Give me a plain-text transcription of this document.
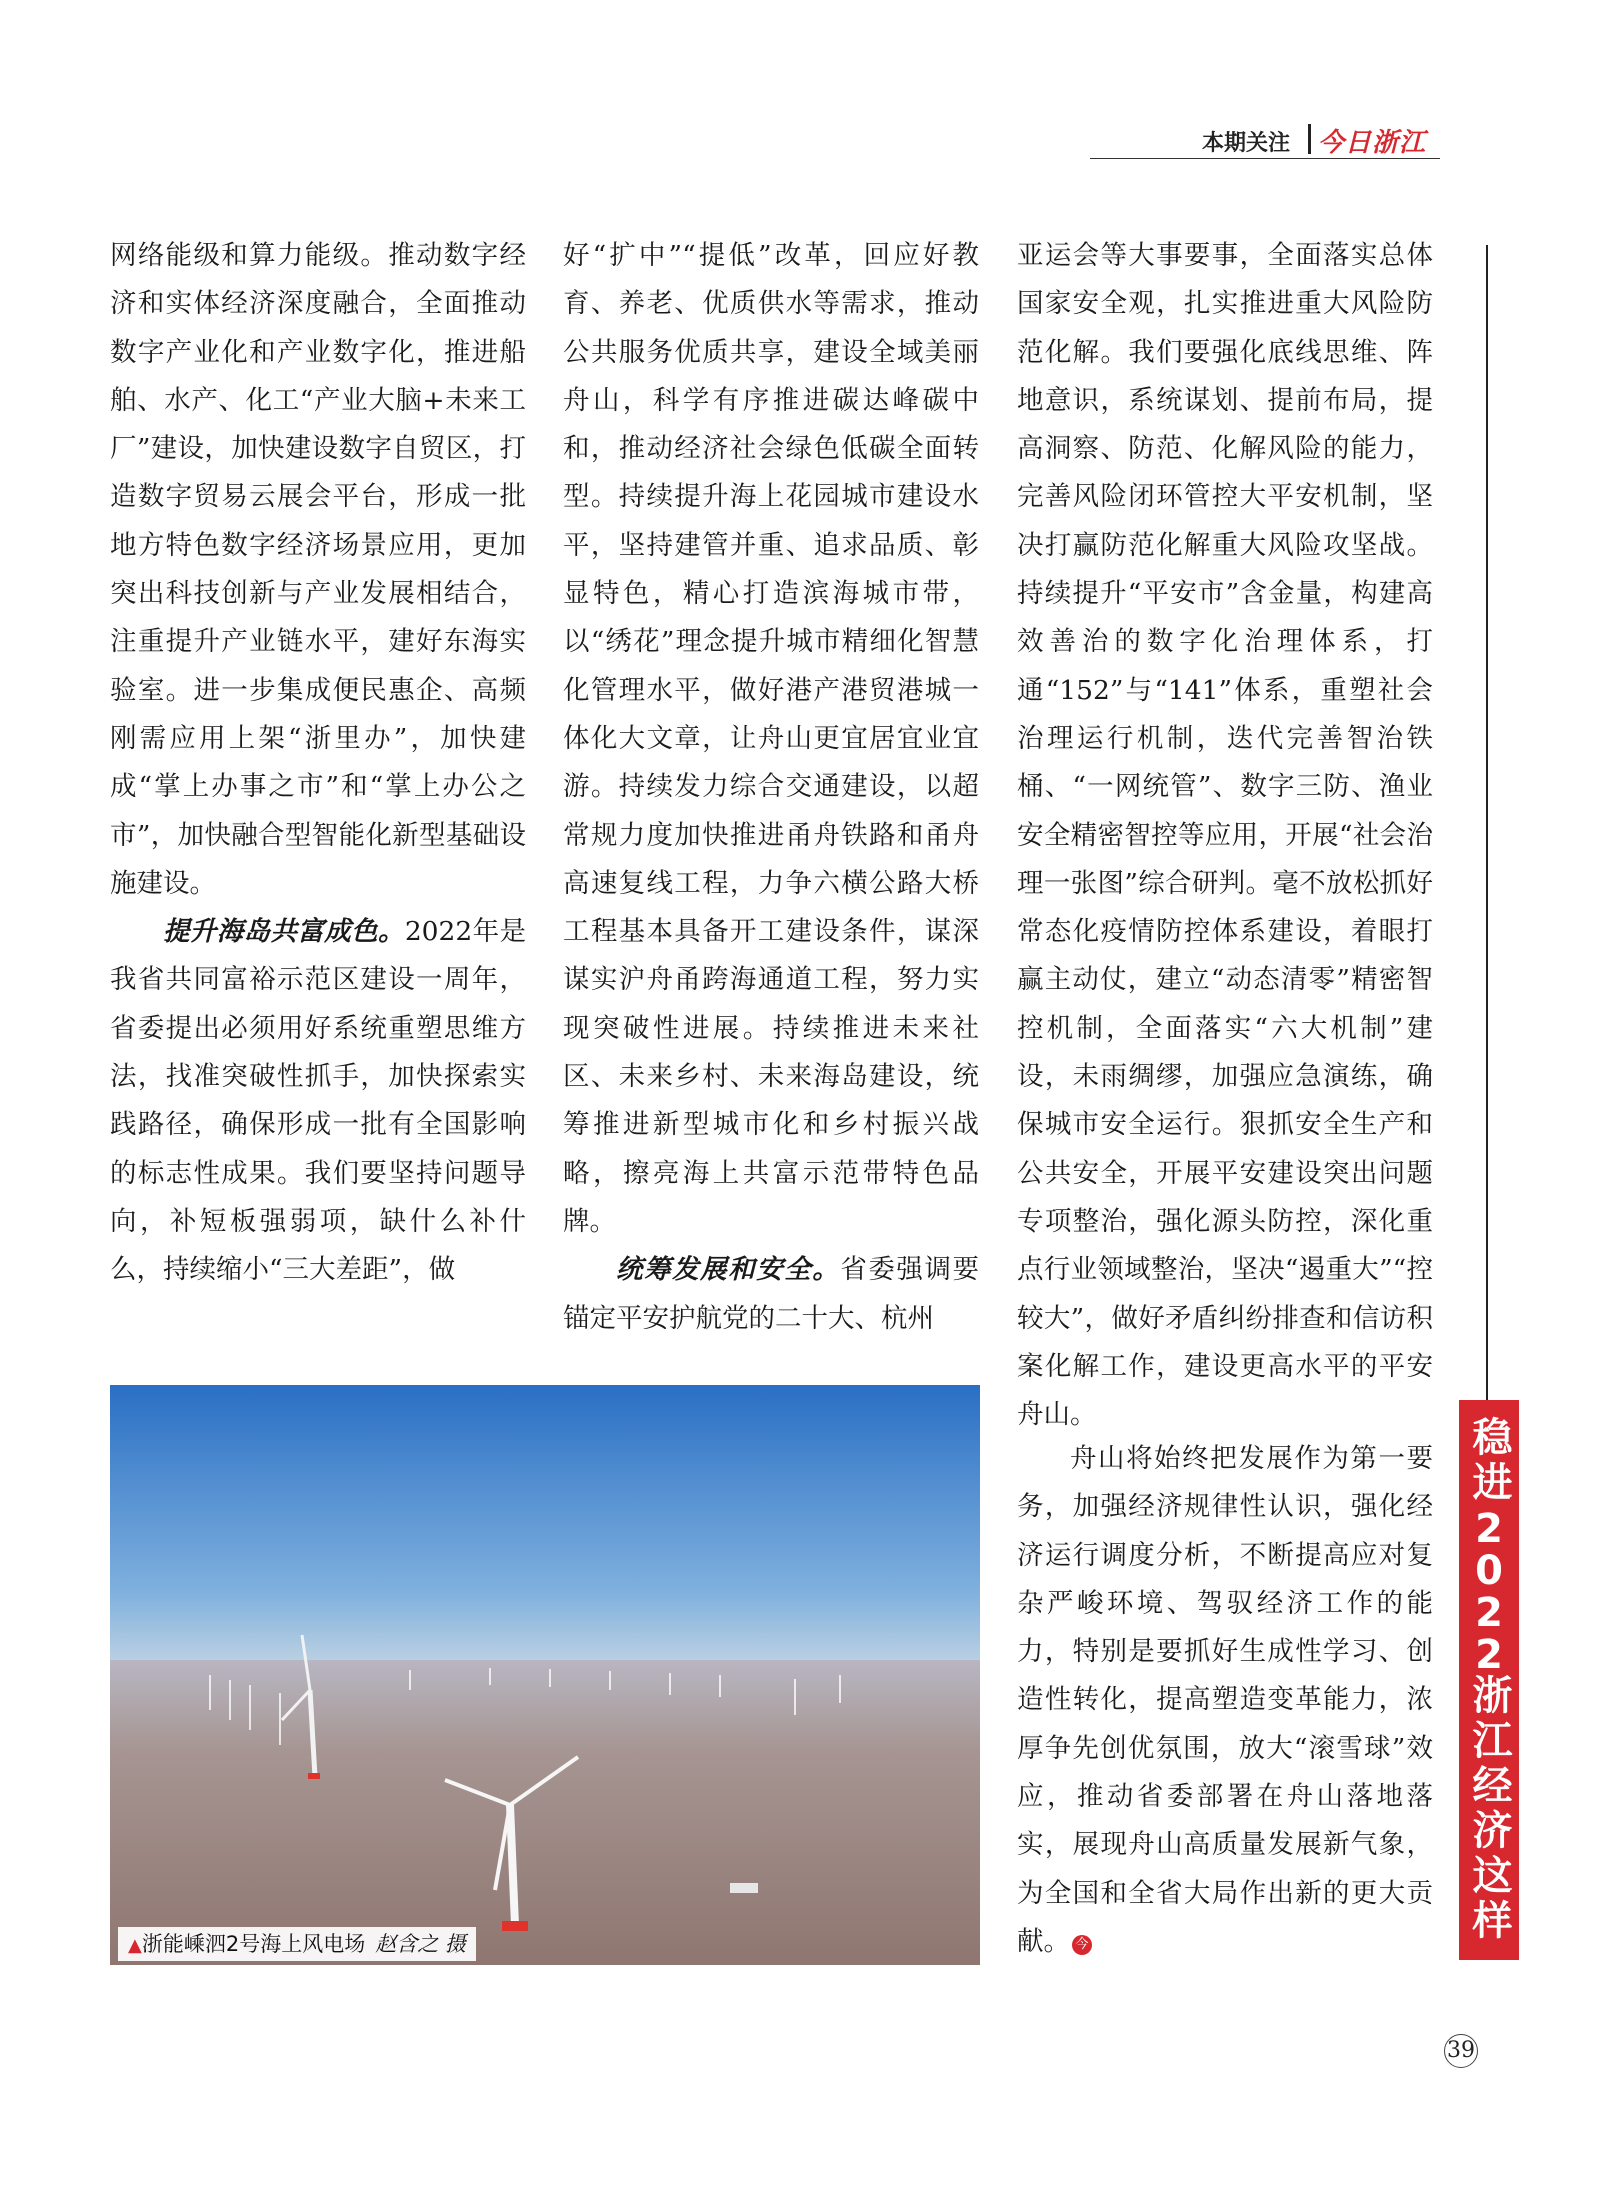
本期关注 今日浙江

网络能级和算力能级。推动数字经济和实体经济深度融合，全面推动数字产业化和产业数字化，推进船舶、水产、化工“产业大脑+未来工厂”建设，加快建设数字自贸区，打造数字贸易云展会平台，形成一批地方特色数字经济场景应用，更加突出科技创新与产业发展相结合，注重提升产业链水平，建好东海实验室。进一步集成便民惠企、高频刚需应用上架“浙里办”，加快建成“掌上办事之市”和“掌上办公之市”，加快融合型智能化新型基础设施建设。

提升海岛共富成色。2022年是我省共同富裕示范区建设一周年，省委提出必须用好系统重塑思维方法，找准突破性抓手，加快探索实践路径，确保形成一批有全国影响的标志性成果。我们要坚持问题导向，补短板强弱项，缺什么补什么，持续缩小“三大差距”，做

好“扩中”“提低”改革，回应好教育、养老、优质供水等需求，推动公共服务优质共享，建设全域美丽舟山，科学有序推进碳达峰碳中和，推动经济社会绿色低碳全面转型。持续提升海上花园城市建设水平，坚持建管并重、追求品质、彰显特色，精心打造滨海城市带，以“绣花”理念提升城市精细化智慧化管理水平，做好港产港贸港城一体化大文章，让舟山更宜居宜业宜游。持续发力综合交通建设，以超常规力度加快推进甬舟铁路和甬舟高速复线工程，力争六横公路大桥工程基本具备开工建设条件，谋深谋实沪舟甬跨海通道工程，努力实现突破性进展。持续推进未来社区、未来乡村、未来海岛建设，统筹推进新型城市化和乡村振兴战略，擦亮海上共富示范带特色品牌。

统筹发展和安全。省委强调要锚定平安护航党的二十大、杭州

亚运会等大事要事，全面落实总体国家安全观，扎实推进重大风险防范化解。我们要强化底线思维、阵地意识，系统谋划、提前布局，提高洞察、防范、化解风险的能力，完善风险闭环管控大平安机制，坚决打赢防范化解重大风险攻坚战。持续提升“平安市”含金量，构建高效善治的数字化治理体系，打通“152”与“141”体系，重塑社会治理运行机制，迭代完善智治铁桶、“一网统管”、数字三防、渔业安全精密智控等应用，开展“社会治理一张图”综合研判。毫不放松抓好常态化疫情防控体系建设，着眼打赢主动仗，建立“动态清零”精密智控机制，全面落实“六大机制”建设，未雨绸缪，加强应急演练，确保城市安全运行。狠抓安全生产和公共安全，开展平安建设突出问题专项整治，强化源头防控，深化重点行业领域整治，坚决“遏重大”“控较大”，做好矛盾纠纷排查和信访积案化解工作，建设更高水平的平安舟山。

舟山将始终把发展作为第一要务，加强经济规律性认识，强化经济运行调度分析，不断提高应对复杂严峻环境、驾驭经济工作的能力，特别是要抓好生成性学习、创造性转化，提高塑造变革能力，浓厚争先创优氛围，放大“滚雪球”效应，推动省委部署在舟山落地落实，展现舟山高质量发展新气象，为全国和全省大局作出新的更大贡献。 今

稳进2022浙江经济这样干
▲浙能嵊泗2号海上风电场 赵含之 摄
39
